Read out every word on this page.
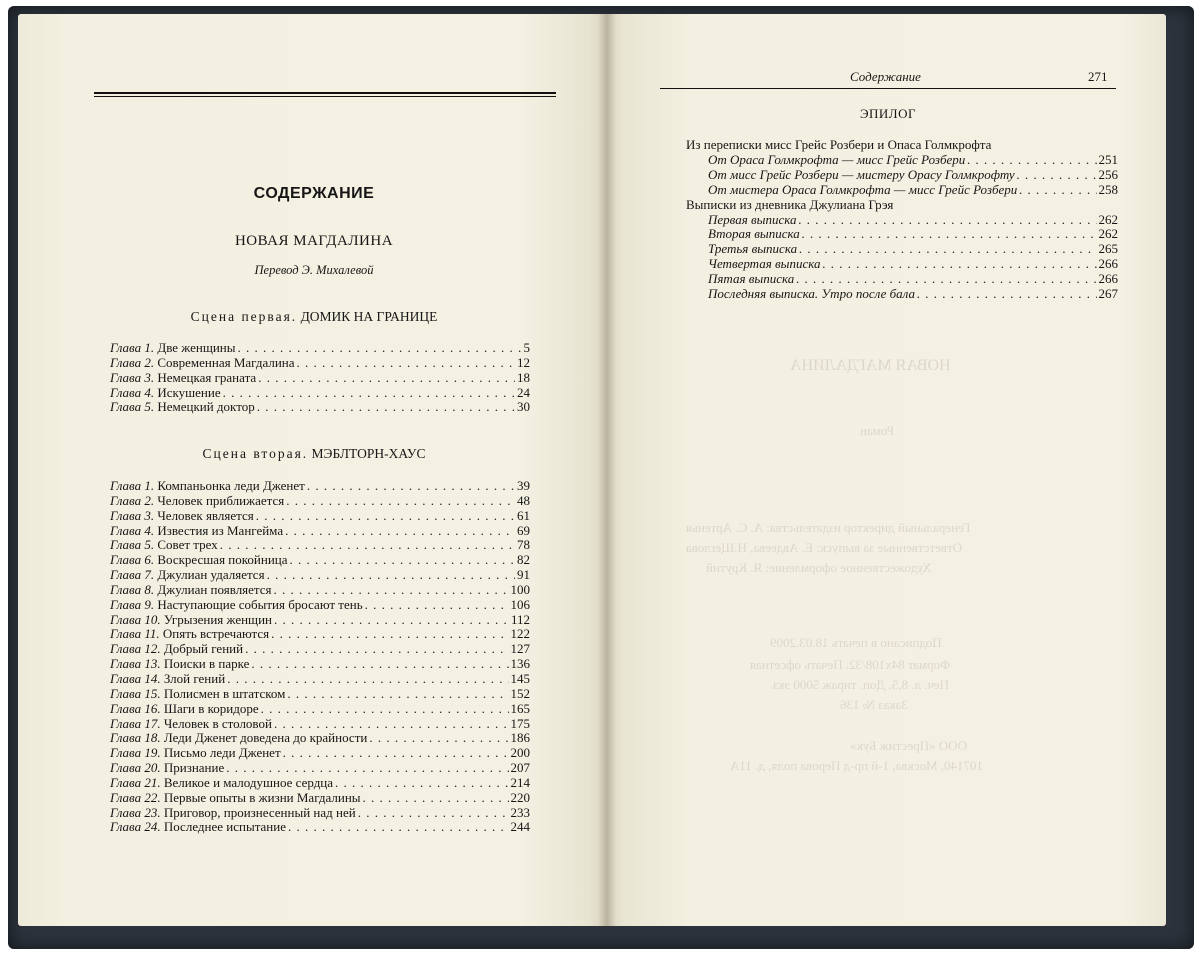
СОДЕРЖАНИЕ
НОВАЯ МАГДАЛИНА
Перевод Э. Михалевой
Сцена первая. ДОМИК НА ГРАНИЦЕ
Сцена вторая. МЭБЛТОРН-ХАУС
Глава 1. Две женщины . . .	5
Глава 2. Современная Магдалина . . .	12
Глава 3. Немецкая граната . . .	18
Глава 4. Искушение . . .	24
Глава 5. Немецкий доктор . . .	30
Глава 1. Компаньонка леди Дженет . . .	39
Глава 2. Человек приближается . . .	48
Глава 3. Человек является . . .	61
Глава 4. Известия из Мангейма . . .	69
Глава 5. Совет трех . . .	78
Глава 6. Воскресшая покойница . . .	82
Глава 7. Джулиан удаляется . . .	91
Глава 8. Джулиан появляется . . .	100
Глава 9. Наступающие события бросают тень . . .	106
Глава 10. Угрызения женщин . . .	112
Глава 11. Опять встречаются . . .	122
Глава 12. Добрый гений . . .	127
Глава 13. Поиски в парке . . .	136
Глава 14. Злой гений . . .	145
Глава 15. Полисмен в штатском . . .	152
Глава 16. Шаги в коридоре . . .	165
Глава 17. Человек в столовой . . .	175
Глава 18. Леди Дженет доведена до крайности . . .	186
Глава 19. Письмо леди Дженет . . .	200
Глава 20. Признание . . .	207
Глава 21. Великое и малодушное сердца . . .	214
Глава 22. Первые опыты в жизни Магдалины . . .	220
Глава 23. Приговор, произнесенный над ней . . .	233
Глава 24. Последнее испытание . . .	244
Содержание	271
ЭПИЛОГ
Из переписки мисс Грейс Розбери и Опаса Голмкрофта
От Ораса Голмкрофта — мисс Грейс Розбери . . .	251
От мисс Грейс Розбери — мистеру Орасу Голмкрофту . . .	256
От мистера Ораса Голмкрофта — мисс Грейс Розбери . . .	258
Выписки из дневника Джулиана Грэя
Первая выписка . . .	262
Вторая выписка . . .	262
Третья выписка . . .	265
Четвертая выписка . . .	266
Пятая выписка . . .	266
Последняя выписка. Утро после бала . . .	267
НОВАЯ МАГДАЛИНА
Роман
Генеральный директор издательства: А. С. Артенья
Ответственные за выпуск: Е. Авдеева, Н.Щеглова
Художественное оформление: Я. Крутий
Подписано в печать 18.03.2009
Формат 84x108/32. Печать офсетная
Печ. л. 8,5. Доп. тираж 5000 экз.
Заказ № 136
ООО «Престиж Бук»
107140, Москва, 1-й пр-д Перова поля, д. 11А
